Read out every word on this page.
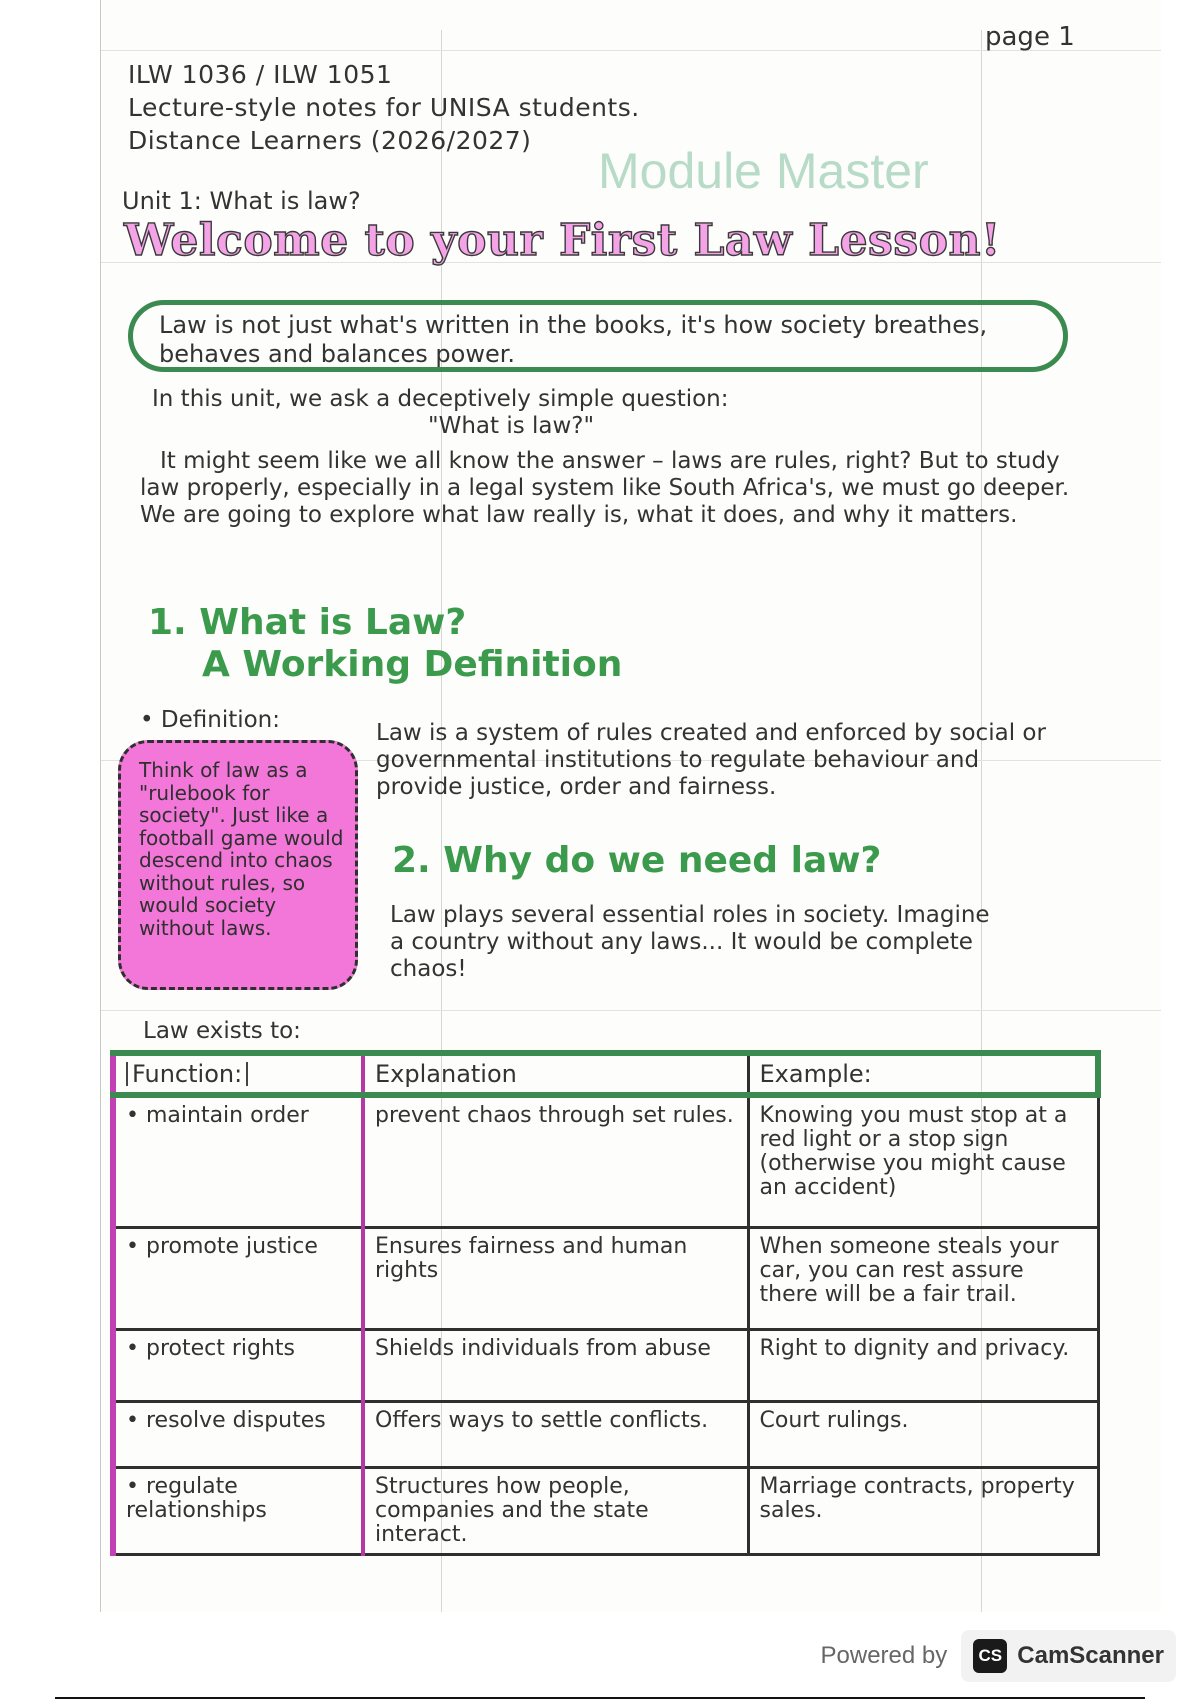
page 1
ILW 1036 / ILW 1051
Lecture-style notes for UNISA students.
Distance Learners (2026/2027)
Module Master
Unit 1: What is law?
Welcome to your First Law Lesson!
Law is not just what's written in the books, it's how society breathes, behaves and balances power.
In this unit, we ask a deceptively simple question:
"What is law?"
It might seem like we all know the answer – laws are rules, right? But to study law properly, especially in a legal system like South Africa's, we must go deeper. We are going to explore what law really is, what it does, and why it matters.
1. What is Law?
A Working Definition
• Definition:	Law is a system of rules created and enforced by social or governmental institutions to regulate behaviour and provide justice, order and fairness.
Think of law as a "rulebook for society". Just like a football game would descend into chaos without rules, so would society without laws.
2. Why do we need law?
Law plays several essential roles in society. Imagine a country without any laws... It would be complete chaos!
Law exists to:
Function:	Explanation	Example:
• maintain order	prevent chaos through set rules.	Knowing you must stop at a red light or a stop sign (otherwise you might cause an accident)
• promote justice	Ensures fairness and human rights	When someone steals your car, you can rest assure there will be a fair trail.
• protect rights	Shields individuals from abuse	Right to dignity and privacy.
• resolve disputes	Offers ways to settle conflicts.	Court rulings.
• regulate relationships	Structures how people, companies and the state interact.	Marriage contracts, property sales.
Powered by	CS CamScanner
